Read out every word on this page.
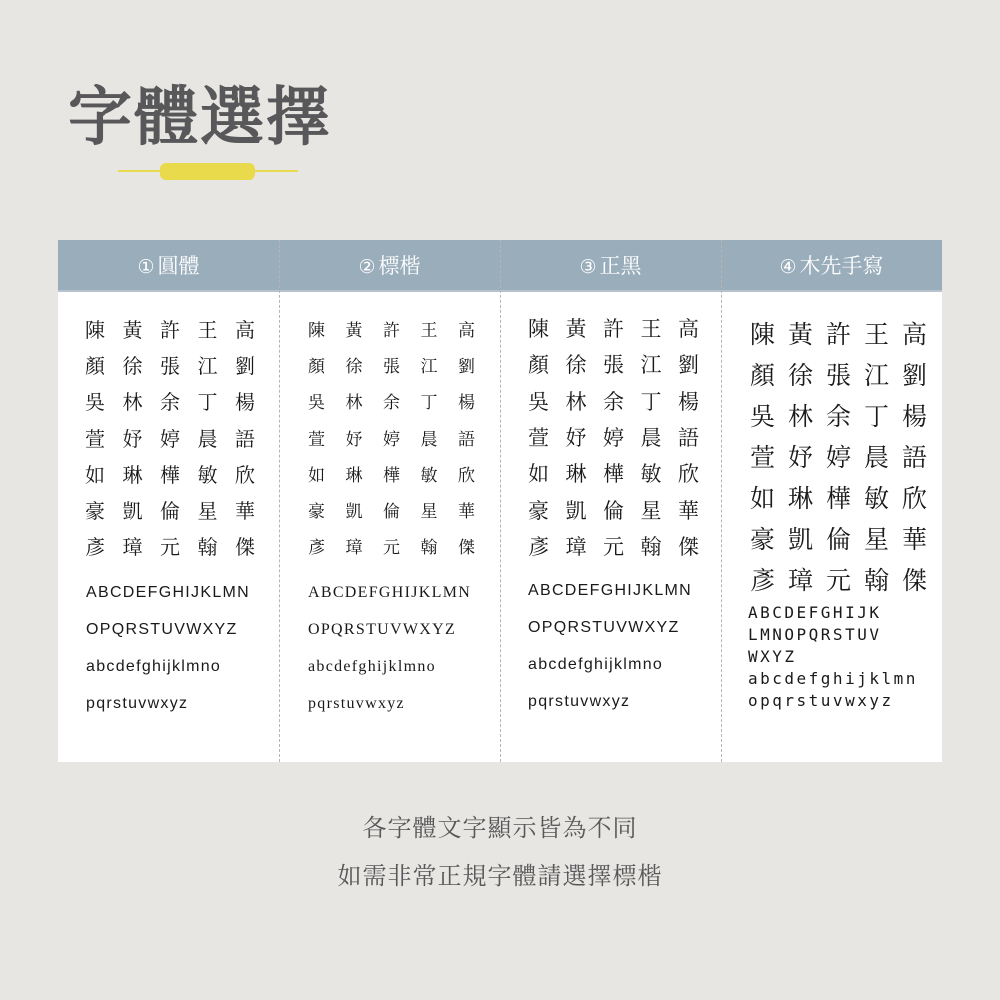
字體選擇
① 圓體	② 標楷	③ 正黑	④ 木先手寫
陳 黃 許 王 高
顏 徐 張 江 劉
吳 林 余 丁 楊
萱 妤 婷 晨 語
如 琳 樺 敏 欣
豪 凱 倫 星 華
彥 璋 元 翰 傑
ABCDEFGHIJKLMN
OPQRSTUVWXYZ
abcdefghijklmno
pqrstuvwxyz
陳	黃	許	王	高
顏	徐	張	江	劉
吳	林	余	丁	楊
萱	妤	婷	晨	語
如	琳	樺	敏	欣
豪	凱	倫	星	華
彥	璋	元	翰	傑
ABCDEFGHIJKLMN
OPQRSTUVWXYZ
abcdefghijklmno
pqrstuvwxyz
陳 黃 許 王 高
顏 徐 張 江 劉
吳 林 余 丁 楊
萱 妤 婷 晨 語
如 琳 樺 敏 欣
豪 凱 倫 星 華
彥 璋 元 翰 傑
ABCDEFGHIJKLMN
OPQRSTUVWXYZ
abcdefghijklmno
pqrstuvwxyz
陳 黃 許 王 高
顏 徐 張 江 劉
吳 林 余 丁 楊
萱 妤 婷 晨 語
如 琳 樺 敏 欣
豪 凱 倫 星 華
彥 璋 元 翰 傑
ABCDEFGHIJK
LMNOPQRSTUV
WXYZ
abcdefghijklmn
opqrstuvwxyz
各字體文字顯示皆為不同
如需非常正規字體請選擇標楷
